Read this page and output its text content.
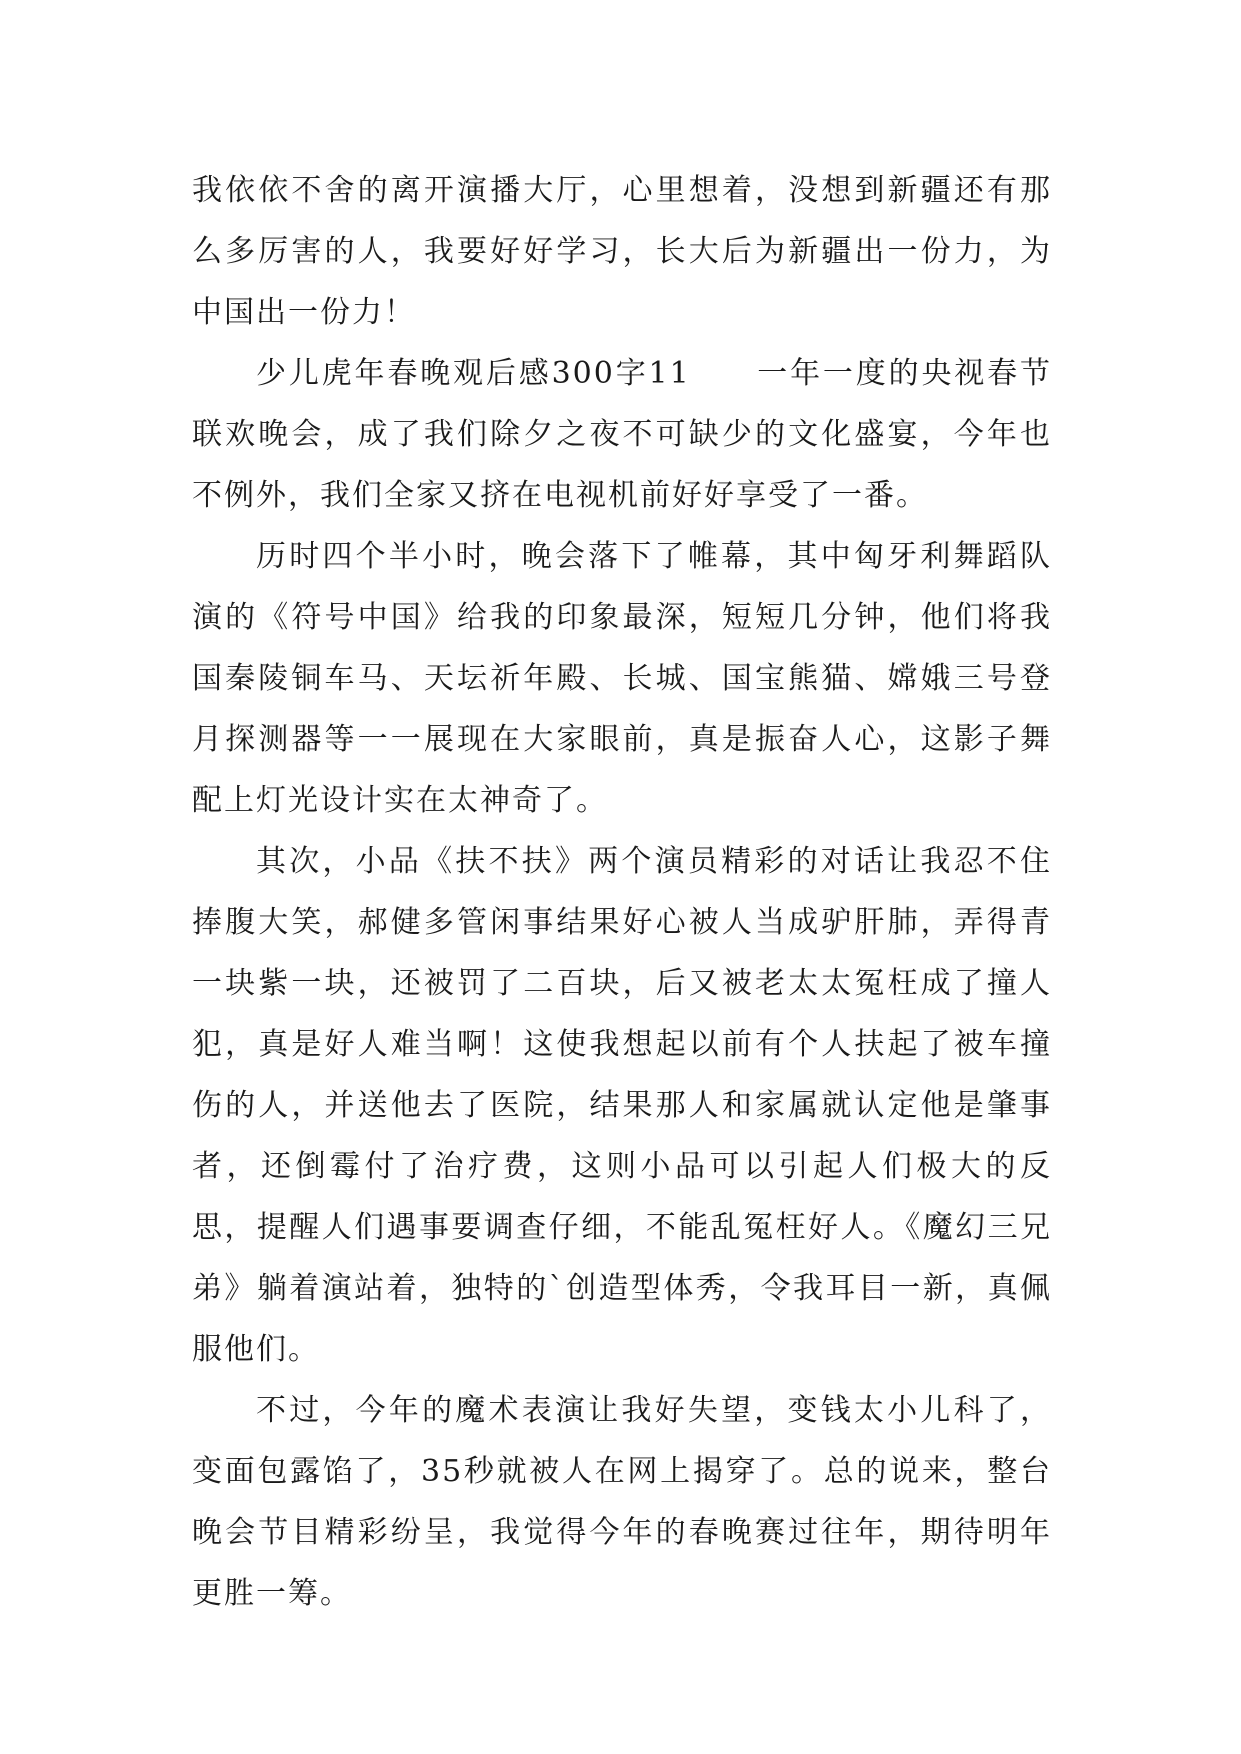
我依依不舍的离开演播大厅，心里想着，没想到新疆还有那么多厉害的人，我要好好学习，长大后为新疆出一份力，为中国出一份力！

少儿虎年春晚观后感300字11　　一年一度的央视春节联欢晚会，成了我们除夕之夜不可缺少的文化盛宴，今年也不例外，我们全家又挤在电视机前好好享受了一番。

历时四个半小时，晚会落下了帷幕，其中匈牙利舞蹈队演的《符号中国》给我的印象最深，短短几分钟，他们将我国秦陵铜车马、天坛祈年殿、长城、国宝熊猫、嫦娥三号登月探测器等一一展现在大家眼前，真是振奋人心，这影子舞配上灯光设计实在太神奇了。

其次，小品《扶不扶》两个演员精彩的对话让我忍不住捧腹大笑，郝健多管闲事结果好心被人当成驴肝肺，弄得青一块紫一块，还被罚了二百块，后又被老太太冤枉成了撞人犯，真是好人难当啊！这使我想起以前有个人扶起了被车撞伤的人，并送他去了医院，结果那人和家属就认定他是肇事者，还倒霉付了治疗费，这则小品可以引起人们极大的反思，提醒人们遇事要调查仔细，不能乱冤枉好人。《魔幻三兄弟》躺着演站着，独特的`创造型体秀，令我耳目一新，真佩服他们。

不过，今年的魔术表演让我好失望，变钱太小儿科了，变面包露馅了，35秒就被人在网上揭穿了。总的说来，整台晚会节目精彩纷呈，我觉得今年的春晚赛过往年，期待明年更胜一筹。
